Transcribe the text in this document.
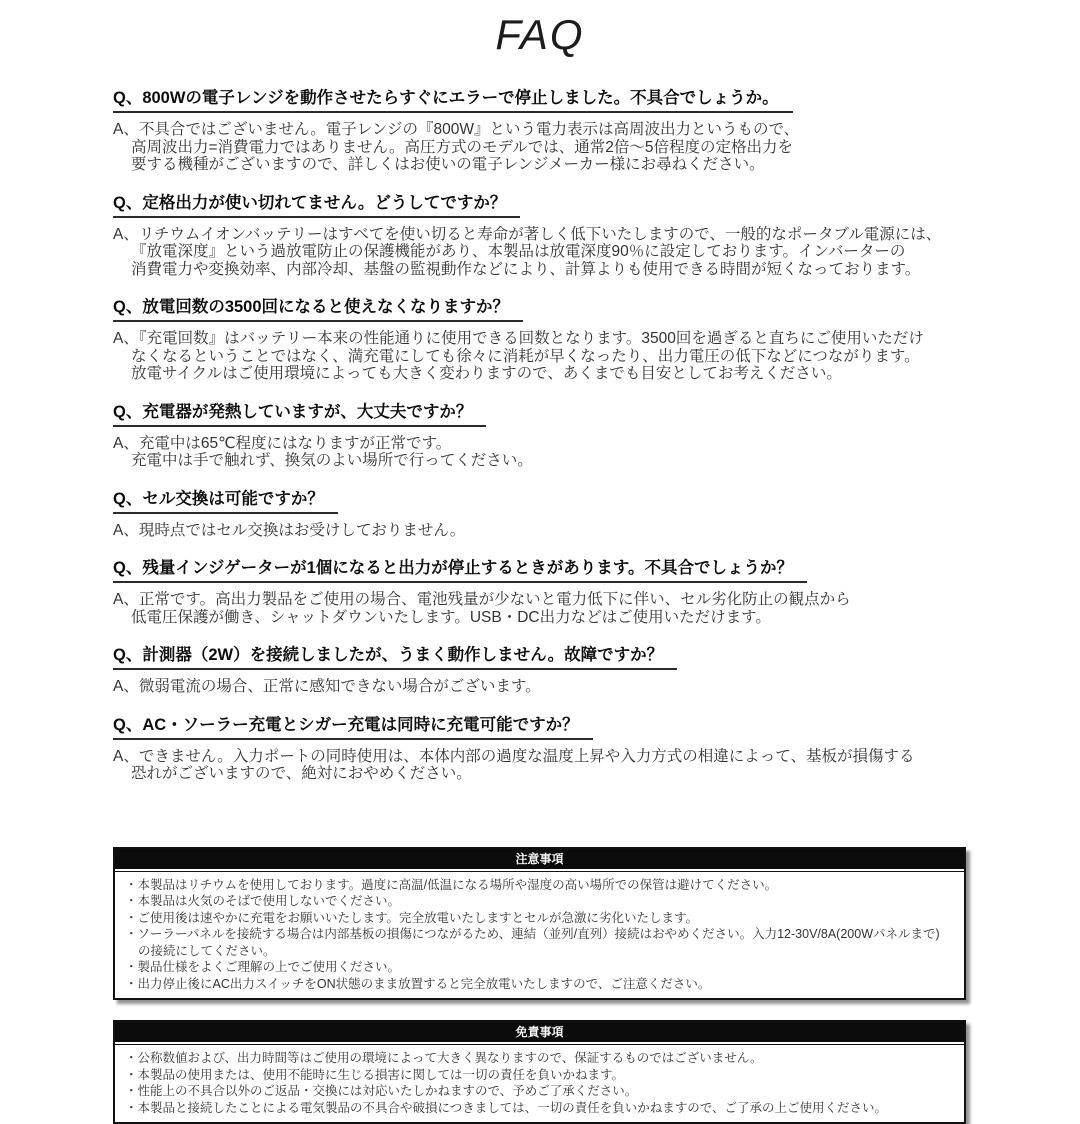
FAQ
Q、800Wの電子レンジを動作させたらすぐにエラーで停止しました。不具合でしょうか。
A、不具合ではございません。電子レンジの『800W』という電力表示は高周波出力というもので、
高周波出力=消費電力ではありません。高圧方式のモデルでは、通常2倍〜5倍程度の定格出力を
要する機種がございますので、詳しくはお使いの電子レンジメーカー様にお尋ねください。
Q、定格出力が使い切れてません。どうしてですか？
A、リチウムイオンバッテリーはすべてを使い切ると寿命が著しく低下いたしますので、一般的なポータブル電源には、
『放電深度』という過放電防止の保護機能があり、本製品は放電深度90％に設定しております。インバーターの
消費電力や変換効率、内部冷却、基盤の監視動作などにより、計算よりも使用できる時間が短くなっております。
Q、放電回数の3500回になると使えなくなりますか？
A、『充電回数』はバッテリー本来の性能通りに使用できる回数となります。3500回を過ぎると直ちにご使用いただけ
なくなるということではなく、満充電にしても徐々に消耗が早くなったり、出力電圧の低下などにつながります。
放電サイクルはご使用環境によっても大きく変わりますので、あくまでも目安としてお考えください。
Q、充電器が発熱していますが、大丈夫ですか？
A、充電中は65℃程度にはなりますが正常です。
充電中は手で触れず、換気のよい場所で行ってください。
Q、セル交換は可能ですか？
A、現時点ではセル交換はお受けしておりません。
Q、残量インジゲーターが1個になると出力が停止するときがあります。不具合でしょうか？
A、正常です。高出力製品をご使用の場合、電池残量が少ないと電力低下に伴い、セル劣化防止の観点から
低電圧保護が働き、シャットダウンいたします。USB・DC出力などはご使用いただけます。
Q、計測器（2W）を接続しましたが、うまく動作しません。故障ですか？
A、微弱電流の場合、正常に感知できない場合がございます。
Q、AC・ソーラー充電とシガー充電は同時に充電可能ですか？
A、できません。入力ポートの同時使用は、本体内部の過度な温度上昇や入力方式の相違によって、基板が損傷する
恐れがございますので、絶対におやめください。
注意事項
・本製品はリチウムを使用しております。過度に高温/低温になる場所や湿度の高い場所での保管は避けてください。
・本製品は火気のそばで使用しないでください。
・ご使用後は速やかに充電をお願いいたします。完全放電いたしますとセルが急激に劣化いたします。
・ソーラーパネルを接続する場合は内部基板の損傷につながるため、連結（並列/直列）接続はおやめください。入力12-30V/8A(200Wパネルまで)
の接続にしてください。
・製品仕様をよくご理解の上でご使用ください。
・出力停止後にAC出力スイッチをON状態のまま放置すると完全放電いたしますので、ご注意ください。
免責事項
・公称数値および、出力時間等はご使用の環境によって大きく異なりますので、保証するものではございません。
・本製品の使用または、使用不能時に生じる損害に関しては一切の責任を負いかねます。
・性能上の不具合以外のご返品・交換には対応いたしかねますので、予めご了承ください。
・本製品と接続したことによる電気製品の不具合や破損につきましては、一切の責任を負いかねますので、ご了承の上ご使用ください。
